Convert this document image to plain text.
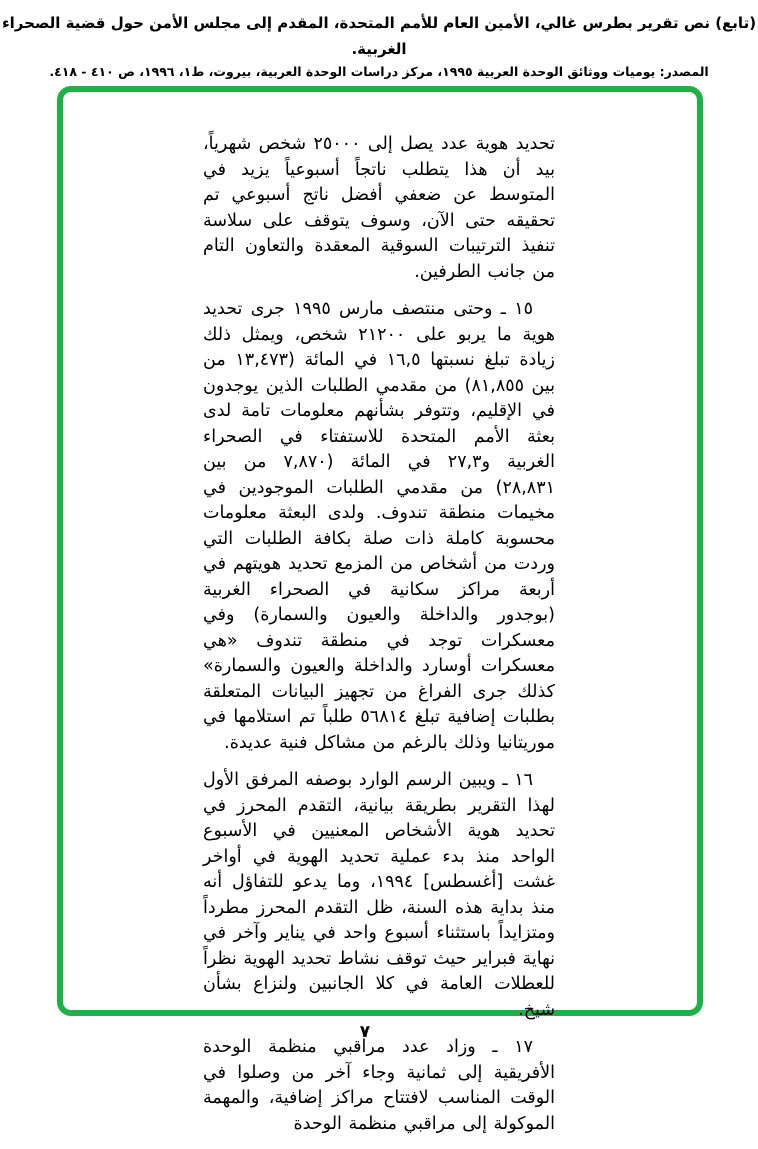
(تابع) نص تقرير بطرس غالي، الأمين العام للأمم المتحدة، المقدم إلى مجلس الأمن حول قضية الصحراء الغربية.
المصدر: يوميات ووثائق الوحدة العربية ١٩٩٥، مركز دراسات الوحدة العربية، بيروت، ط١، ١٩٩٦، ص ٤١٠ - ٤١٨.

تحديد هوية عدد يصل إلى ٢٥٠٠٠ شخص شهرياً، بيد أن هذا يتطلب ناتجاً أسبوعياً يزيد في المتوسط عن ضعفي أفضل ناتج أسبوعي تم تحقيقه حتى الآن، وسوف يتوقف على سلاسة تنفيذ الترتيبات السوقية المعقدة والتعاون التام من جانب الطرفين.

١٥ ـ وحتى منتصف مارس ١٩٩٥ جرى تحديد هوية ما يربو على ٢١٢٠٠ شخص، ويمثل ذلك زيادة تبلغ نسبتها ١٦,٥ في المائة (١٣,٤٧٣ من بين ٨١,٨٥٥) من مقدمي الطلبات الذين يوجدون في الإقليم، وتتوفر بشأنهم معلومات تامة لدى بعثة الأمم المتحدة للاستفتاء في الصحراء الغربية و٢٧,٣ في المائة (٧,٨٧٠ من بين ٢٨,٨٣١) من مقدمي الطلبات الموجودين في مخيمات منطقة تندوف. ولدى البعثة معلومات محسوبة كاملة ذات صلة بكافة الطلبات التي وردت من أشخاص من المزمع تحديد هويتهم في أربعة مراكز سكانية في الصحراء الغربية (بوجدور والداخلة والعيون والسمارة) وفي معسكرات توجد في منطقة تندوف «هي معسكرات أوسارد والداخلة والعيون والسمارة» كذلك جرى الفراغ من تجهيز البيانات المتعلقة بطلبات إضافية تبلغ ٥٦٨١٤ طلباً تم استلامها في موريتانيا وذلك بالرغم من مشاكل فنية عديدة.

١٦ ـ ويبين الرسم الوارد بوصفه المرفق الأول لهذا التقرير بطريقة بيانية، التقدم المحرز في تحديد هوية الأشخاص المعنيين في الأسبوع الواحد منذ بدء عملية تحديد الهوية في أواخر غشت [أغسطس] ١٩٩٤، وما يدعو للتفاؤل أنه منذ بداية هذه السنة، ظل التقدم المحرز مطرداً ومتزايداً باستثناء أسبوع واحد في يناير وآخر في نهاية فبراير حيث توقف نشاط تحديد الهوية نظراً للعطلات العامة في كلا الجانبين ولنزاع بشأن شيخ.

١٧ ـ وزاد عدد مراقبي منظمة الوحدة الأفريقية إلى ثمانية وجاء آخر من وصلوا في الوقت المناسب لافتتاح مراكز إضافية، والمهمة الموكولة إلى مراقبي منظمة الوحدة

٧
